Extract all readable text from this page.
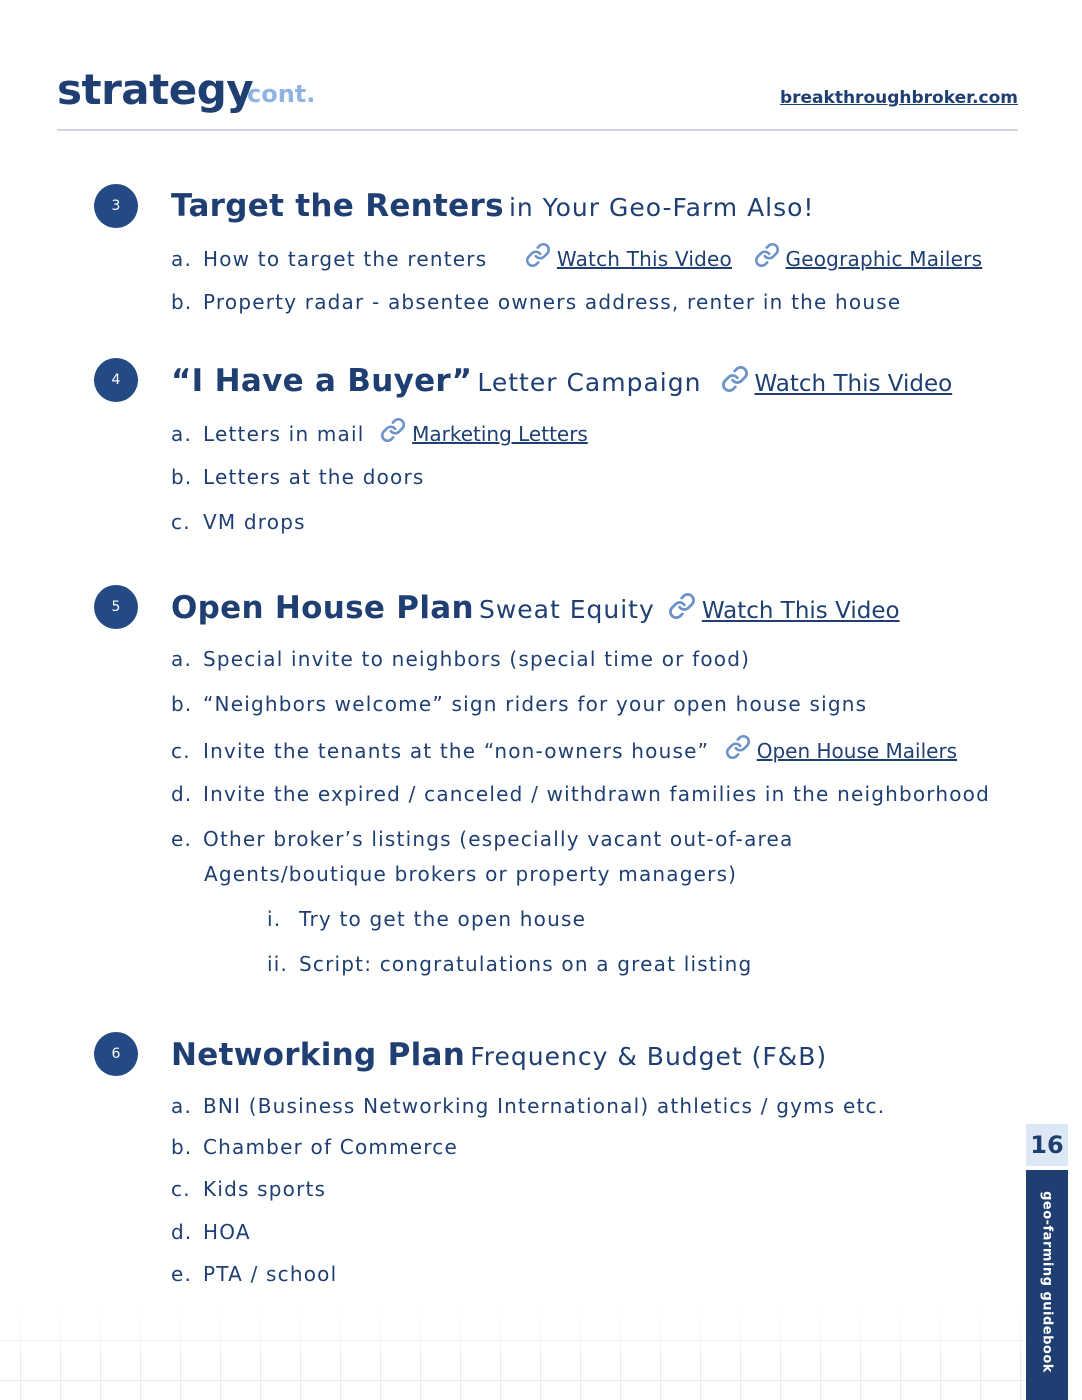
strategy
cont.	breakthroughbroker.com
3	Target the Renters in Your Geo-Farm Also!
a. How to target the renters	Watch This Video	Geographic Mailers
b. Property radar - absentee owners address, renter in the house
4	“I Have a Buyer” Letter Campaign Watch This Video
a. Letters in mail Marketing Letters
b. Letters at the doors
c. VM drops
5	Open House Plan Sweat Equity Watch This Video
a. Special invite to neighbors (special time or food)
b. “Neighbors welcome” sign riders for your open house signs
c. Invite the tenants at the “non-owners house” Open House Mailers
d. Invite the expired / canceled / withdrawn families in the neighborhood
e. Other broker’s listings (especially vacant out-of-area
Agents/boutique brokers or property managers)
i. Try to get the open house
ii. Script: congratulations on a great listing
6	Networking Plan Frequency & Budget (F&B)
a. BNI (Business Networking International) athletics / gyms etc.
b. Chamber of Commerce
c. Kids sports
d. HOA
e. PTA / school
16
geo-farming guidebook
